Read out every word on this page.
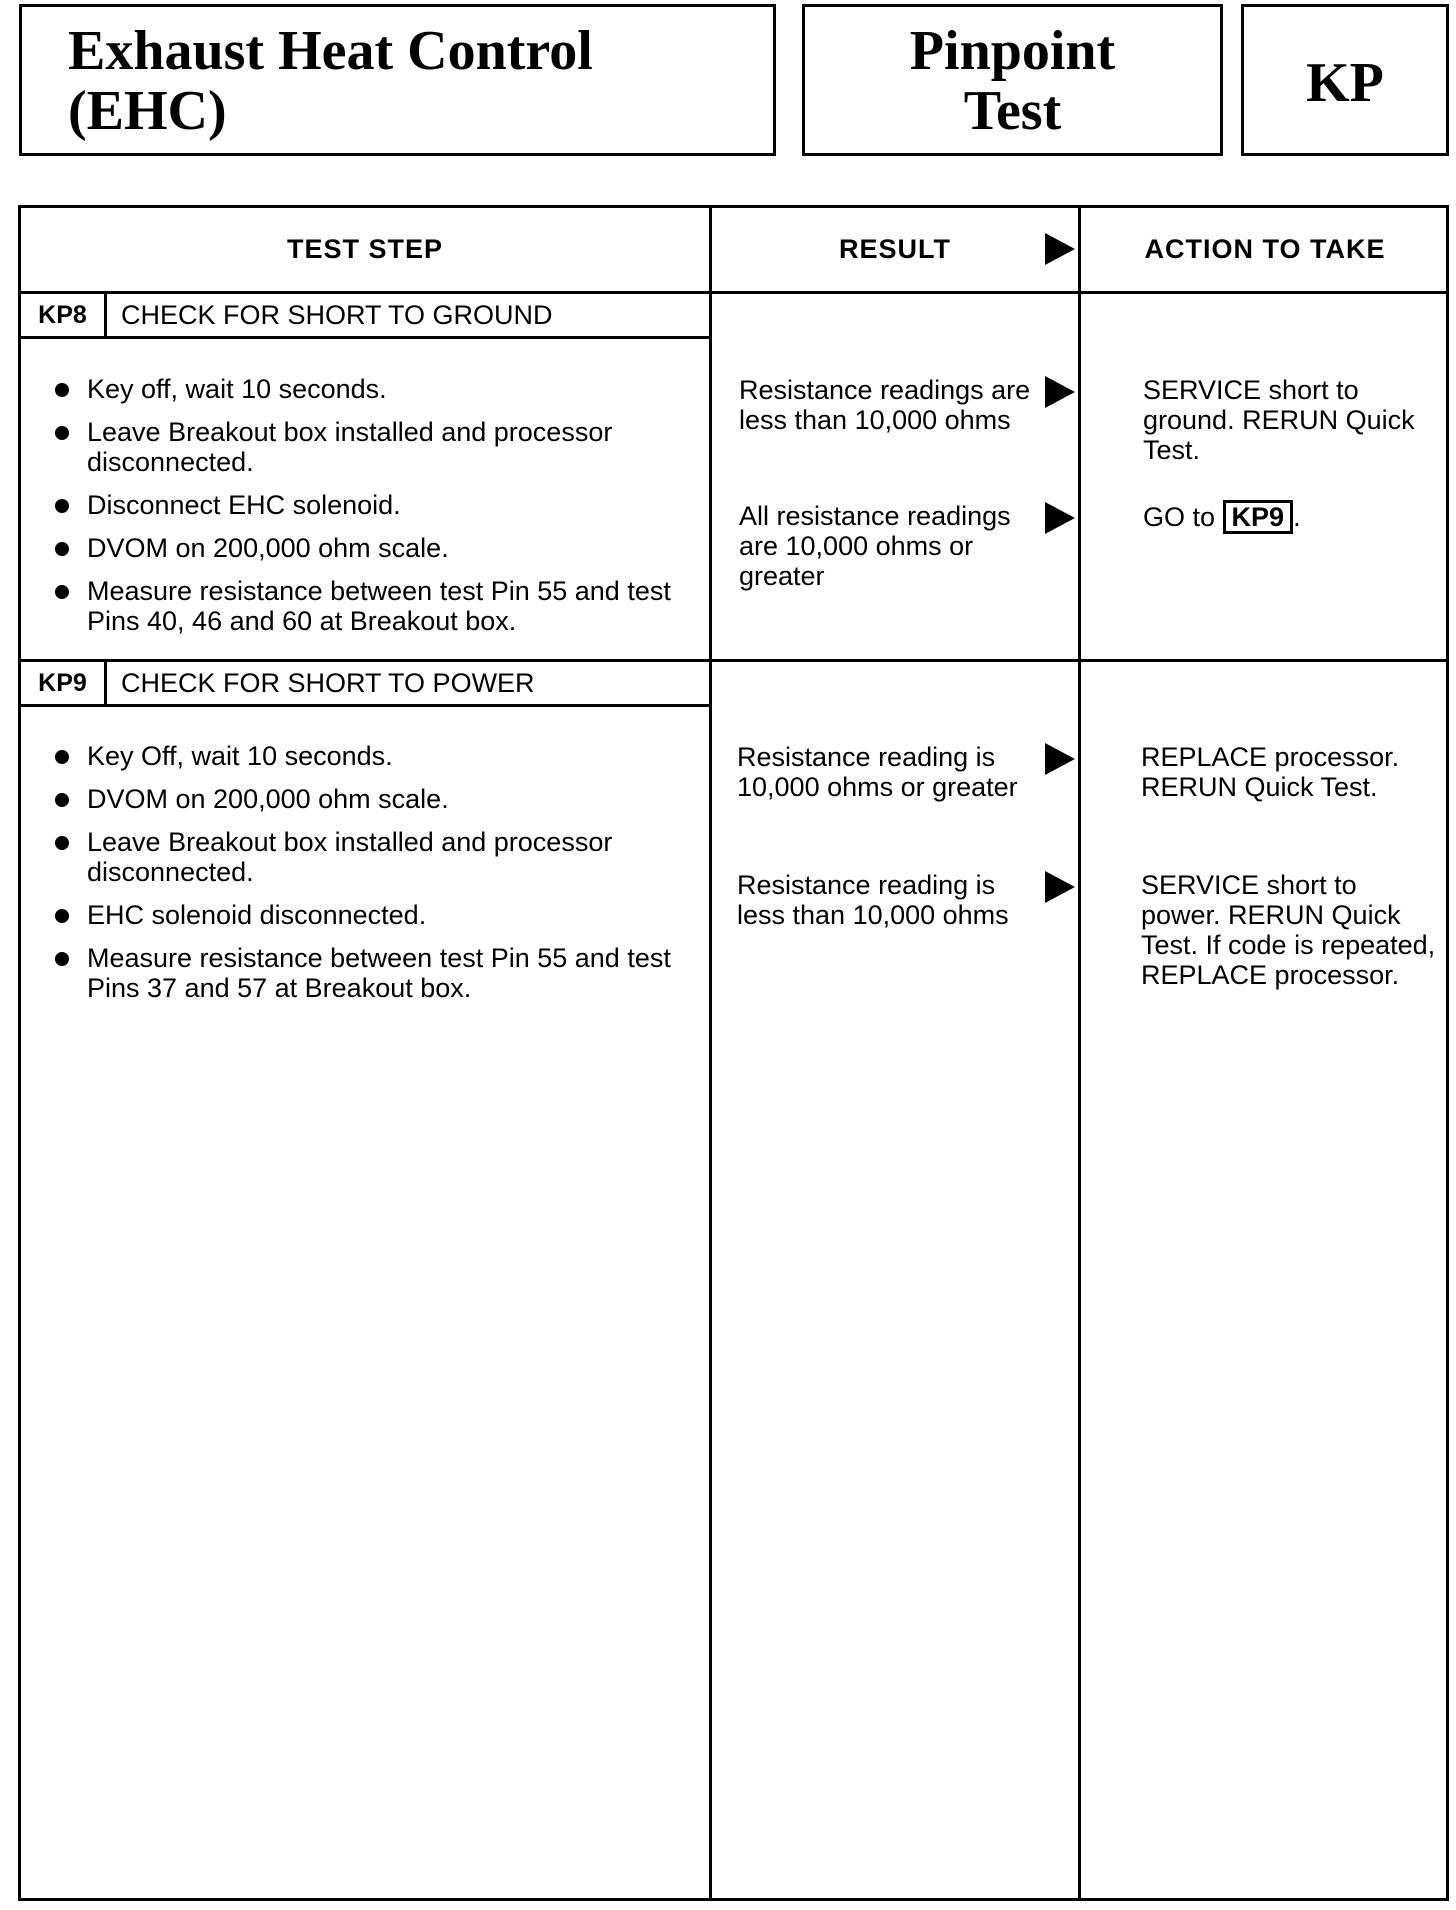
Exhaust Heat Control
(EHC)
Pinpoint
Test	KP
TEST STEP	RESULT	ACTION TO TAKE
KP8	CHECK FOR SHORT TO GROUND
Key off, wait 10 seconds.
Leave Breakout box installed and processor disconnected.
Disconnect EHC solenoid.
DVOM on 200,000 ohm scale.
Measure resistance between test Pin 55 and test Pins 40, 46 and 60 at Breakout box.
Resistance readings are less than 10,000 ohms
SERVICE short to ground. RERUN Quick Test.
All resistance readings are 10,000 ohms or greater
GO to KP9 .
KP9	CHECK FOR SHORT TO POWER
Key Off, wait 10 seconds.
DVOM on 200,000 ohm scale.
Leave Breakout box installed and processor disconnected.
EHC solenoid disconnected.
Measure resistance between test Pin 55 and test Pins 37 and 57 at Breakout box.
Resistance reading is 10,000 ohms or greater
REPLACE processor. RERUN Quick Test.
Resistance reading is less than 10,000 ohms
SERVICE short to power. RERUN Quick Test. If code is repeated, REPLACE processor.
